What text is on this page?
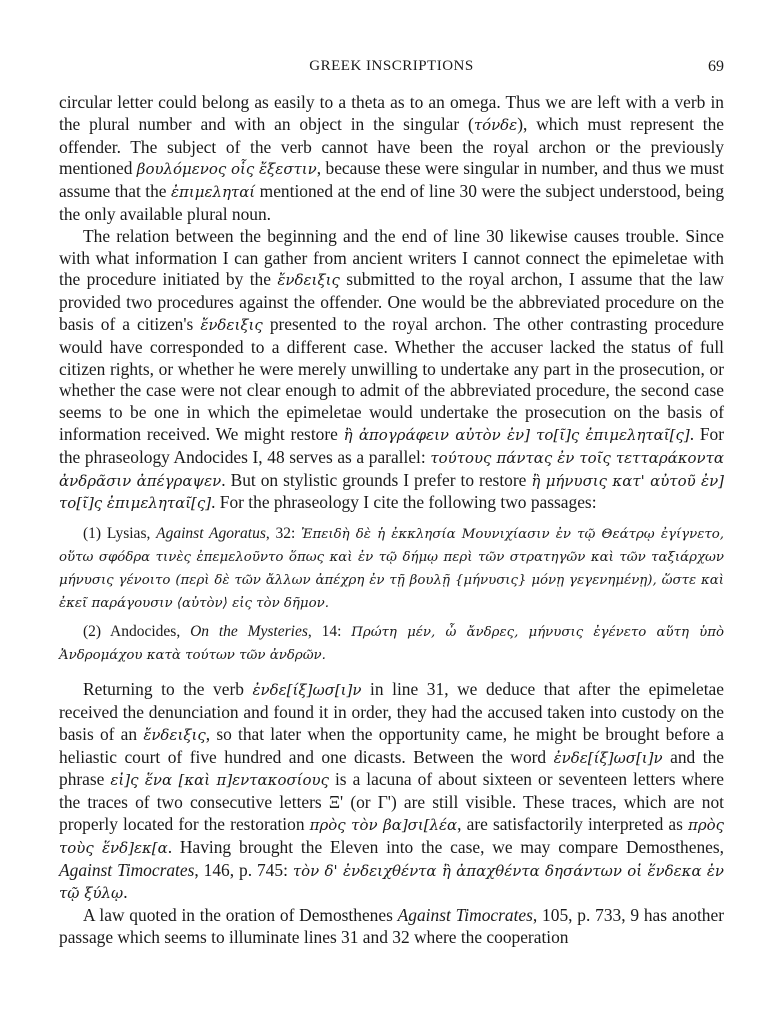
GREEK INSCRIPTIONS	69

circular letter could belong as easily to a theta as to an omega. Thus we are left with a verb in the plural number and with an object in the singular (τόνδε), which must represent the offender. The subject of the verb cannot have been the royal archon or the previously mentioned βουλόμενος οἷς ἔξεστιν, because these were singular in number, and thus we must assume that the ἐπιμεληταί mentioned at the end of line 30 were the subject understood, being the only available plural noun.

The relation between the beginning and the end of line 30 likewise causes trouble. Since with what information I can gather from ancient writers I cannot connect the epimeletae with the procedure initiated by the ἔνδειξις submitted to the royal archon, I assume that the law provided two procedures against the offender. One would be the abbreviated procedure on the basis of a citizen's ἔνδειξις presented to the royal archon. The other contrasting procedure would have corresponded to a different case. Whether the accuser lacked the status of full citizen rights, or whether he were merely unwilling to undertake any part in the prosecution, or whether the case were not clear enough to admit of the abbreviated procedure, the second case seems to be one in which the epimeletae would undertake the prosecution on the basis of information received. We might restore ἢ ἀπογράφειν αὐτὸν ἐν] το[ῖ]ς ἐπιμεληταῖ[ς]. For the phraseology Andocides I, 48 serves as a parallel: τούτους πάντας ἐν τοῖς τετταράκοντα ἀνδρᾶσιν ἀπέγραψεν. But on stylistic grounds I prefer to restore ἢ μήνυσις κατ' αὐτοῦ ἐν] το[ῖ]ς ἐπιμεληταῖ[ς]. For the phraseology I cite the following two passages:

(1) Lysias, Against Agoratus, 32: Ἐπειδὴ δὲ ἡ ἐκκλησία Μουνιχίασιν ἐν τῷ Θεάτρῳ ἐγίγνετο, οὕτω σφόδρα τινὲς ἐπεμελοῦντο ὅπως καὶ ἐν τῷ δήμῳ περὶ τῶν στρατηγῶν καὶ τῶν ταξιάρχων μήνυσις γένοιτο (περὶ δὲ τῶν ἄλλων ἀπέχρη ἐν τῇ βουλῇ {μήνυσις} μόνῃ γεγενημένῃ), ὥστε καὶ ἐκεῖ παράγουσιν ⟨αὐτὸν⟩ εἰς τὸν δῆμον.

(2) Andocides, On the Mysteries, 14: Πρώτη μέν, ὦ ἄνδρες, μήνυσις ἐγένετο αὕτη ὑπὸ Ἀνδρομάχου κατὰ τούτων τῶν ἀνδρῶν.

Returning to the verb ἐνδε[ίξ]ωσ[ι]ν in line 31, we deduce that after the epimeletae received the denunciation and found it in order, they had the accused taken into custody on the basis of an ἔνδειξις, so that later when the opportunity came, he might be brought before a heliastic court of five hundred and one dicasts. Between the word ἐνδε[ίξ]ωσ[ι]ν and the phrase εἰ]ς ἕνα [καὶ π]εντακοσίους is a lacuna of about sixteen or seventeen letters where the traces of two consecutive letters Ξ' (or Γ') are still visible. These traces, which are not properly located for the restoration πρὸς τὸν βα]σι[λέα, are satisfactorily interpreted as πρὸς τοὺς ἕνδ]εκ[α. Having brought the Eleven into the case, we may compare Demosthenes, Against Timocrates, 146, p. 745: τὸν δ' ἐνδειχθέντα ἢ ἀπαχθέντα δησάντων οἱ ἕνδεκα ἐν τῷ ξύλῳ.

A law quoted in the oration of Demosthenes Against Timocrates, 105, p. 733, 9 has another passage which seems to illuminate lines 31 and 32 where the cooperation
